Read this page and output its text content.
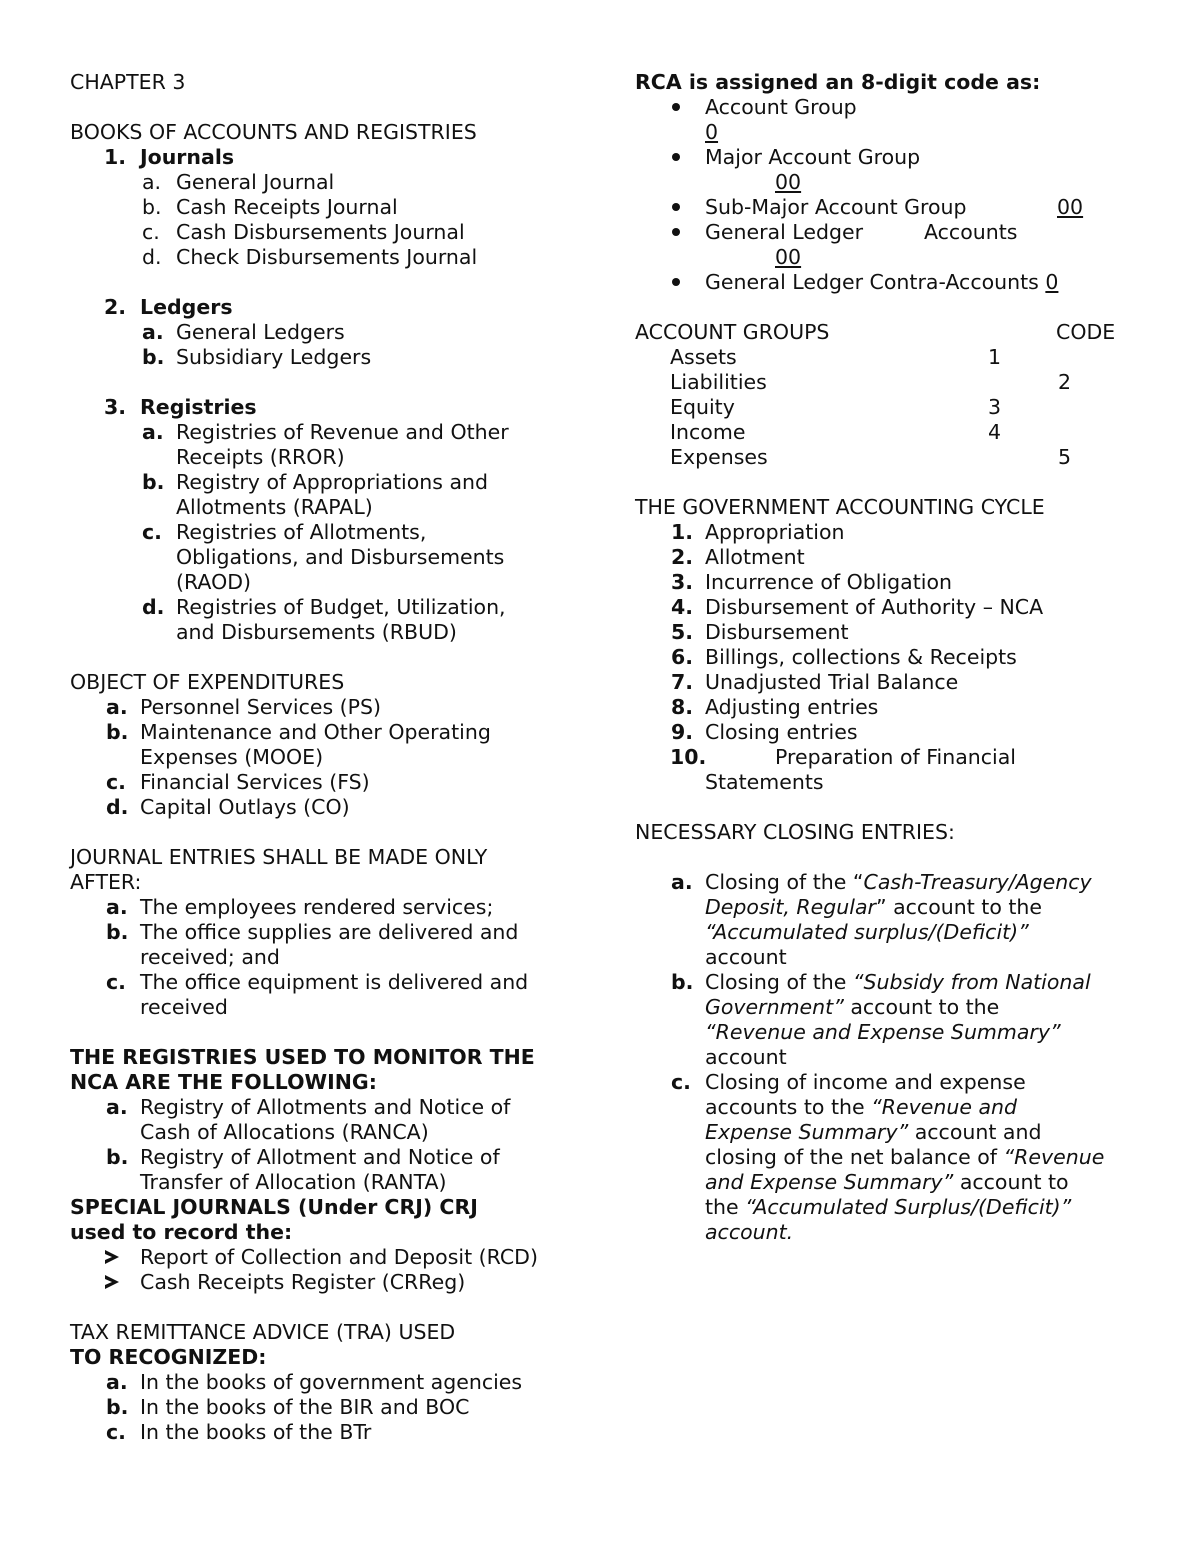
CHAPTER 3
BOOKS OF ACCOUNTS AND REGISTRIES
1. Journals
a. General Journal
b. Cash Receipts Journal
c. Cash Disbursements Journal
d. Check Disbursements Journal
2. Ledgers
a. General Ledgers
b. Subsidiary Ledgers
3. Registries
a. Registries of Revenue and Other
Receipts (RROR)
b. Registry of Appropriations and
Allotments (RAPAL)
c. Registries of Allotments,
Obligations, and Disbursements
(RAOD)
d. Registries of Budget, Utilization,
and Disbursements (RBUD)
OBJECT OF EXPENDITURES
a. Personnel Services (PS)
b. Maintenance and Other Operating
Expenses (MOOE)
c. Financial Services (FS)
d. Capital Outlays (CO)
JOURNAL ENTRIES SHALL BE MADE ONLY
AFTER:
a. The employees rendered services;
b. The office supplies are delivered and
received; and
c. The office equipment is delivered and
received
THE REGISTRIES USED TO MONITOR THE
NCA ARE THE FOLLOWING:
a. Registry of Allotments and Notice of
Cash of Allocations (RANCA)
b. Registry of Allotment and Notice of
Transfer of Allocation (RANTA)
SPECIAL JOURNALS (Under CRJ) CRJ
used to record the:
Report of Collection and Deposit (RCD)
Cash Receipts Register (CRReg)
TAX REMITTANCE ADVICE (TRA) USED
TO RECOGNIZED:
a. In the books of government agencies
b. In the books of the BIR and BOC
c. In the books of the BTr
RCA is assigned an 8-digit code as:
Account Group
0
Major Account Group
00
Sub-Major Account Group	00
General Ledger	Accounts
00
General Ledger Contra-Accounts 0
ACCOUNT GROUPS	CODE
Assets	1
Liabilities	2
Equity	3
Income	4
Expenses	5
THE GOVERNMENT ACCOUNTING CYCLE
1. Appropriation
2. Allotment
3. Incurrence of Obligation
4. Disbursement of Authority – NCA
5. Disbursement
6. Billings, collections & Receipts
7. Unadjusted Trial Balance
8. Adjusting entries
9. Closing entries
10.	Preparation of Financial
Statements
NECESSARY CLOSING ENTRIES:
a. Closing of the “Cash-Treasury/Agency
Deposit, Regular” account to the
“Accumulated surplus/(Deficit)”
account
b. Closing of the “Subsidy from National
Government” account to the
“Revenue and Expense Summary”
account
c. Closing of income and expense
accounts to the “Revenue and
Expense Summary” account and
closing of the net balance of “Revenue
and Expense Summary” account to
the “Accumulated Surplus/(Deficit)”
account.
